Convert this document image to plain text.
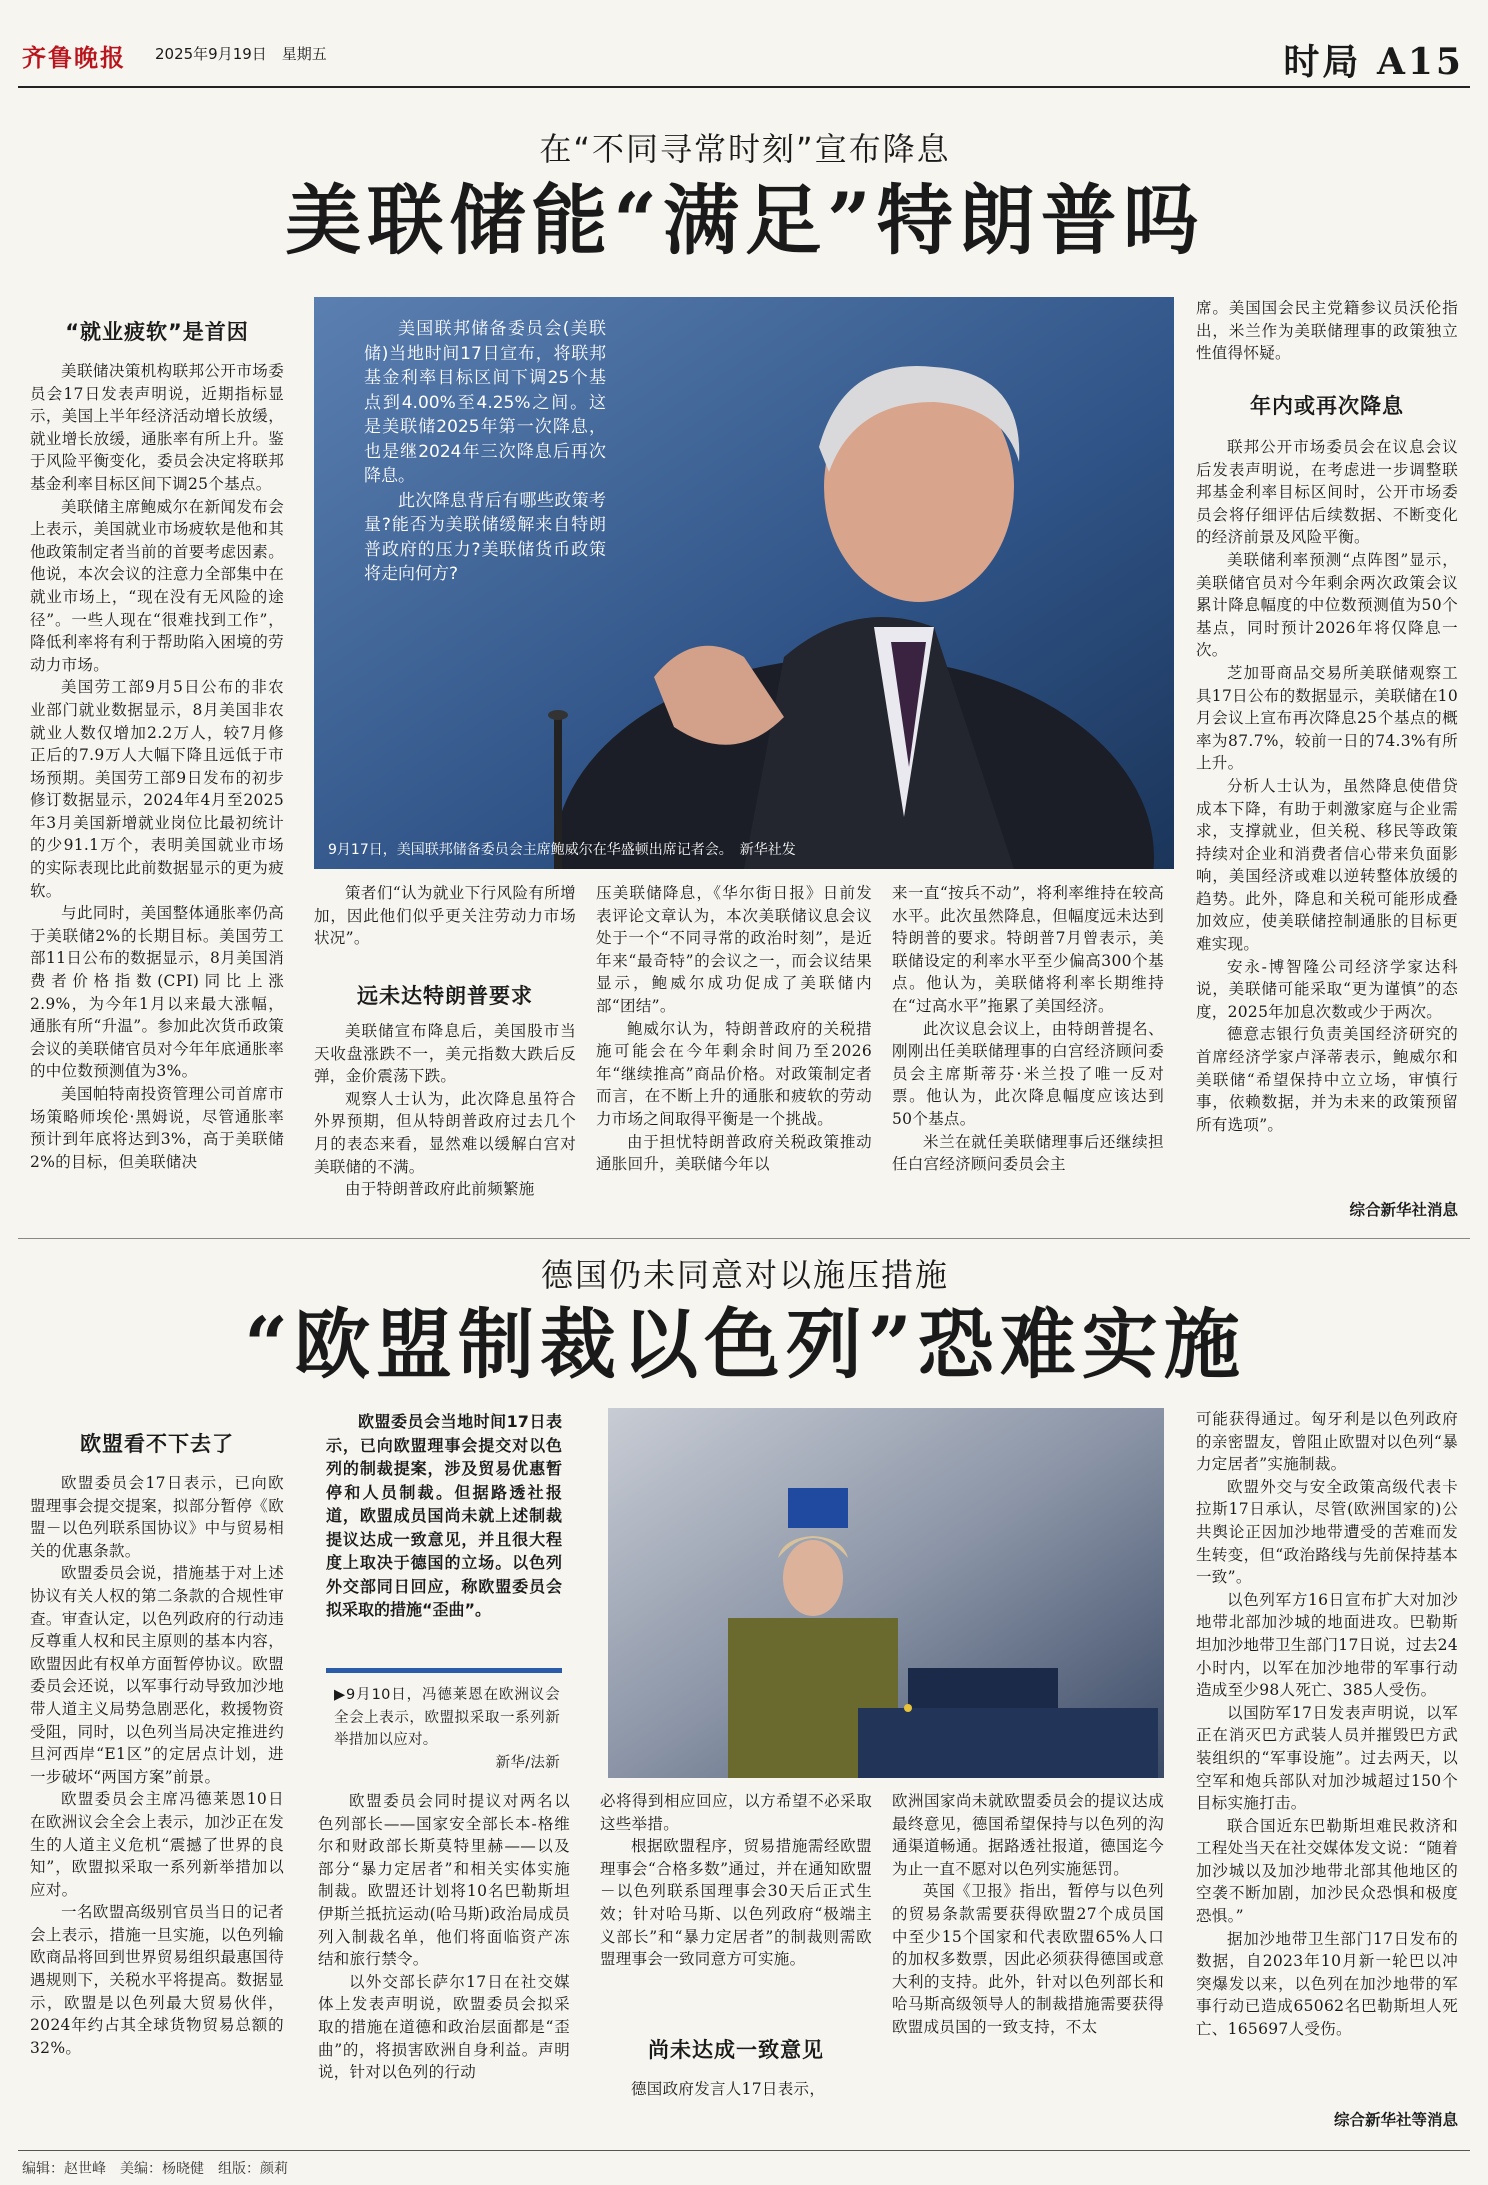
齐鲁晚报 2025年9月19日　星期五	时局 A15
在“不同寻常时刻”宣布降息
美联储能“满足”特朗普吗

美国联邦储备委员会(美联储)当地时间17日宣布，将联邦基金利率目标区间下调25个基点到4.00%至4.25%之间。这是美联储2025年第一次降息，也是继2024年三次降息后再次降息。

此次降息背后有哪些政策考量?能否为美联储缓解来自特朗普政府的压力?美联储货币政策将走向何方?

9月17日，美国联邦储备委员会主席鲍威尔在华盛顿出席记者会。　新华社发
“就业疲软”是首因

美联储决策机构联邦公开市场委员会17日发表声明说，近期指标显示，美国上半年经济活动增长放缓，就业增长放缓，通胀率有所上升。鉴于风险平衡变化，委员会决定将联邦基金利率目标区间下调25个基点。

美联储主席鲍威尔在新闻发布会上表示，美国就业市场疲软是他和其他政策制定者当前的首要考虑因素。他说，本次会议的注意力全部集中在就业市场上，“现在没有无风险的途径”。一些人现在“很难找到工作”，降低利率将有利于帮助陷入困境的劳动力市场。

美国劳工部9月5日公布的非农业部门就业数据显示，8月美国非农就业人数仅增加2.2万人，较7月修正后的7.9万人大幅下降且远低于市场预期。美国劳工部9日发布的初步修订数据显示，2024年4月至2025年3月美国新增就业岗位比最初统计的少91.1万个，表明美国就业市场的实际表现比此前数据显示的更为疲软。

与此同时，美国整体通胀率仍高于美联储2%的长期目标。美国劳工部11日公布的数据显示，8月美国消费者价格指数(CPI)同比上涨2.9%，为今年1月以来最大涨幅，通胀有所“升温”。参加此次货币政策会议的美联储官员对今年年底通胀率的中位数预测值为3%。

美国帕特南投资管理公司首席市场策略师埃伦·黑姆说，尽管通胀率预计到年底将达到3%，高于美联储2%的目标，但美联储决

策者们“认为就业下行风险有所增加，因此他们似乎更关注劳动力市场状况”。

远未达特朗普要求

美联储宣布降息后，美国股市当天收盘涨跌不一，美元指数大跌后反弹，金价震荡下跌。

观察人士认为，此次降息虽符合外界预期，但从特朗普政府过去几个月的表态来看，显然难以缓解白宫对美联储的不满。

由于特朗普政府此前频繁施

压美联储降息，《华尔街日报》日前发表评论文章认为，本次美联储议息会议处于一个“不同寻常的政治时刻”，是近年来“最奇特”的会议之一，而会议结果显示，鲍威尔成功促成了美联储内部“团结”。

鲍威尔认为，特朗普政府的关税措施可能会在今年剩余时间乃至2026年“继续推高”商品价格。对政策制定者而言，在不断上升的通胀和疲软的劳动力市场之间取得平衡是一个挑战。

由于担忧特朗普政府关税政策推动通胀回升，美联储今年以

来一直“按兵不动”，将利率维持在较高水平。此次虽然降息，但幅度远未达到特朗普的要求。特朗普7月曾表示，美联储设定的利率水平至少偏高300个基点。他认为，美联储将利率长期维持在“过高水平”拖累了美国经济。

此次议息会议上，由特朗普提名、刚刚出任美联储理事的白宫经济顾问委员会主席斯蒂芬·米兰投了唯一反对票。他认为，此次降息幅度应该达到50个基点。

米兰在就任美联储理事后还继续担任白宫经济顾问委员会主

席。美国国会民主党籍参议员沃伦指出，米兰作为美联储理事的政策独立性值得怀疑。

年内或再次降息

联邦公开市场委员会在议息会议后发表声明说，在考虑进一步调整联邦基金利率目标区间时，公开市场委员会将仔细评估后续数据、不断变化的经济前景及风险平衡。

美联储利率预测“点阵图”显示，美联储官员对今年剩余两次政策会议累计降息幅度的中位数预测值为50个基点，同时预计2026年将仅降息一次。

芝加哥商品交易所美联储观察工具17日公布的数据显示，美联储在10月会议上宣布再次降息25个基点的概率为87.7%，较前一日的74.3%有所上升。

分析人士认为，虽然降息使借贷成本下降，有助于刺激家庭与企业需求，支撑就业，但关税、移民等政策持续对企业和消费者信心带来负面影响，美国经济或难以逆转整体放缓的趋势。此外，降息和关税可能形成叠加效应，使美联储控制通胀的目标更难实现。

安永-博智隆公司经济学家达科说，美联储可能采取“更为谨慎”的态度，2025年加息次数或少于两次。

德意志银行负责美国经济研究的首席经济学家卢泽蒂表示，鲍威尔和美联储“希望保持中立立场，审慎行事，依赖数据，并为未来的政策预留所有选项”。

综合新华社消息
德国仍未同意对以施压措施
“欧盟制裁以色列”恐难实施
欧盟看不下去了

欧盟委员会17日表示，已向欧盟理事会提交提案，拟部分暂停《欧盟－以色列联系国协议》中与贸易相关的优惠条款。

欧盟委员会说，措施基于对上述协议有关人权的第二条款的合规性审查。审查认定，以色列政府的行动违反尊重人权和民主原则的基本内容，欧盟因此有权单方面暂停协议。欧盟委员会还说，以军事行动导致加沙地带人道主义局势急剧恶化，救援物资受阻，同时，以色列当局决定推进约旦河西岸“E1区”的定居点计划，进一步破坏“两国方案”前景。

欧盟委员会主席冯德莱恩10日在欧洲议会全会上表示，加沙正在发生的人道主义危机“震撼了世界的良知”，欧盟拟采取一系列新举措加以应对。

一名欧盟高级别官员当日的记者会上表示，措施一旦实施，以色列输欧商品将回到世界贸易组织最惠国待遇规则下，关税水平将提高。数据显示，欧盟是以色列最大贸易伙伴，2024年约占其全球货物贸易总额的32%。

欧盟委员会当地时间17日表示，已向欧盟理事会提交对以色列的制裁提案，涉及贸易优惠暂停和人员制裁。但据路透社报道，欧盟成员国尚未就上述制裁提议达成一致意见，并且很大程度上取决于德国的立场。以色列外交部同日回应，称欧盟委员会拟采取的措施“歪曲”。

▶9月10日，冯德莱恩在欧洲议会全会上表示，欧盟拟采取一系列新举措加以应对。
新华/法新

欧盟委员会同时提议对两名以色列部长——国家安全部长本-格维尔和财政部长斯莫特里赫——以及部分“暴力定居者”和相关实体实施制裁。欧盟还计划将10名巴勒斯坦伊斯兰抵抗运动(哈马斯)政治局成员列入制裁名单，他们将面临资产冻结和旅行禁令。

以外交部长萨尔17日在社交媒体上发表声明说，欧盟委员会拟采取的措施在道德和政治层面都是“歪曲”的，将损害欧洲自身利益。声明说，针对以色列的行动

必将得到相应回应，以方希望不必采取这些举措。

根据欧盟程序，贸易措施需经欧盟理事会“合格多数”通过，并在通知欧盟－以色列联系国理事会30天后正式生效；针对哈马斯、以色列政府“极端主义部长”和“暴力定居者”的制裁则需欧盟理事会一致同意方可实施。

尚未达成一致意见

德国政府发言人17日表示，

欧洲国家尚未就欧盟委员会的提议达成最终意见，德国希望保持与以色列的沟通渠道畅通。据路透社报道，德国迄今为止一直不愿对以色列实施惩罚。

英国《卫报》指出，暂停与以色列的贸易条款需要获得欧盟27个成员国中至少15个国家和代表欧盟65%人口的加权多数票，因此必须获得德国或意大利的支持。此外，针对以色列部长和哈马斯高级领导人的制裁措施需要获得欧盟成员国的一致支持，不太

可能获得通过。匈牙利是以色列政府的亲密盟友，曾阻止欧盟对以色列“暴力定居者”实施制裁。

欧盟外交与安全政策高级代表卡拉斯17日承认，尽管(欧洲国家的)公共舆论正因加沙地带遭受的苦难而发生转变，但“政治路线与先前保持基本一致”。

以色列军方16日宣布扩大对加沙地带北部加沙城的地面进攻。巴勒斯坦加沙地带卫生部门17日说，过去24小时内，以军在加沙地带的军事行动造成至少98人死亡、385人受伤。

以国防军17日发表声明说，以军正在消灭巴方武装人员并摧毁巴方武装组织的“军事设施”。过去两天，以空军和炮兵部队对加沙城超过150个目标实施打击。

联合国近东巴勒斯坦难民救济和工程处当天在社交媒体发文说：“随着加沙城以及加沙地带北部其他地区的空袭不断加剧，加沙民众恐惧和极度恐惧。”

据加沙地带卫生部门17日发布的数据，自2023年10月新一轮巴以冲突爆发以来，以色列在加沙地带的军事行动已造成65062名巴勒斯坦人死亡、165697人受伤。

综合新华社等消息
编辑：赵世峰　美编：杨晓健　组版：颜莉
